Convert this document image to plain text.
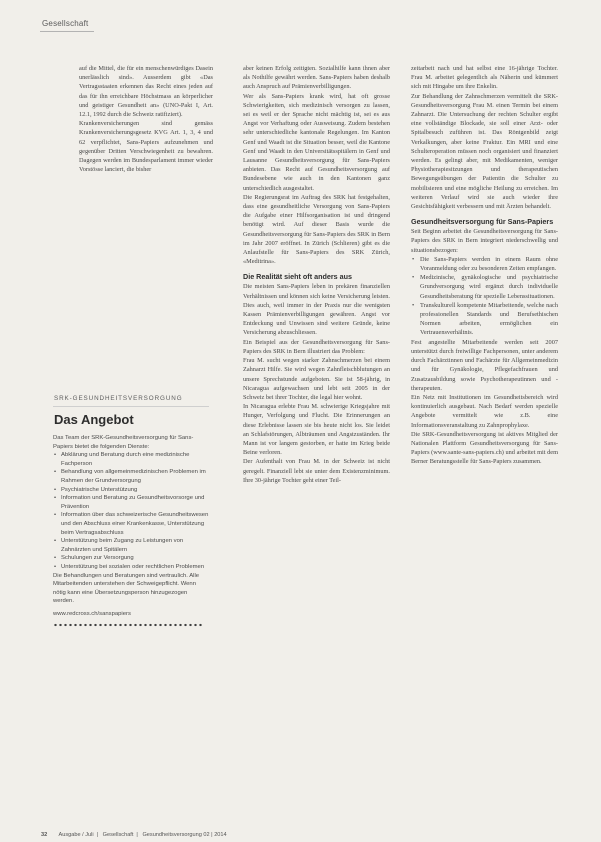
Gesellschaft

auf die Mittel, die für ein menschenwürdiges Dasein unerlässlich sind». Ausserdem gibt «Das Vertragsstaaten erkennen das Recht eines jeden auf das für ihn erreichbare Höchstmass an körperlicher und geistiger Gesundheit an» (UNO-Pakt I, Art. 12.1, 1992 durch die Schweiz ratifiziert).

Krankenversicherungen sind gemäss Krankenversicherungsgesetz KVG Art. 1, 3, 4 und 62 verpflichtet, Sans-Papiers aufzunehmen und gegenüber Dritten Verschwiegenheit zu bewahren. Dagegen werden im Bundesparlament immer wieder Vorstösse lanciert, die bisher

SRK-GESUNDHEITSVERSORGUNG
Das Angebot
Das Team der SRK-Gesundheitsversorgung für Sans-Papiers bietet die folgenden Dienste:
• Abklärung und Beratung durch eine medizinische Fachperson
• Behandlung von allgemeinmedizinischen Problemen im Rahmen der Grundversorgung
• Psychiatrische Unterstützung
• Information und Beratung zu Gesundheitsvorsorge und Prävention
• Information über das schweizerische Gesundheitswesen und den Abschluss einer Krankenkasse, Unterstützung beim Vertragsabschluss
• Unterstützung beim Zugang zu Leistungen von Zahnärzten und Spitälern
• Schulungen zur Versorgung
• Unterstützung bei sozialen oder rechtlichen Problemen
Die Behandlungen und Beratungen sind vertraulich. Alle Mitarbeitenden unterstehen der Schweigepflicht. Wenn nötig kann eine Übersetzungsperson hinzugezogen werden.
www.redcross.ch/sanspapiers

aber keinen Erfolg zeitigten. Sozialhilfe kann ihnen aber als Nothilfe gewährt werden. Sans-Papiers haben deshalb auch Anspruch auf Prämienverbilligungen.

Wer als Sans-Papiers krank wird, hat oft grosse Schwierigkeiten, sich medizinisch versorgen zu lassen, sei es weil er der Sprache nicht mächtig ist, sei es aus Angst vor Verhaftung oder Ausweisung. Zudem bestehen sehr unterschiedliche kantonale Regelungen. Im Kanton Genf und Waadt ist die Situation besser, weil die Kantone Genf und Waadt in den Universitätsspitälern in Genf und Lausanne Gesundheitsversorgung für Sans-Papiers anbieten. Das Recht auf Gesundheitsversorgung auf Bundesebene wie auch in den Kantonen ganz unterschiedlich ausgestaltet.

Die Regierungsrat im Auftrag des SRK hat festgehalten, dass eine gesundheitliche Versorgung von Sans-Papiers die Aufgabe einer Hilfsorganisation ist und dringend benötigt wird. Auf dieser Basis wurde die Gesundheitsversorgung für Sans-Papiers des SRK in Bern im Jahr 2007 eröffnet. In Zürich (Schlieren) gibt es die Anlaufstelle für Sans-Papiers des SRK Zürich, «Meditrina».

Die Realität sieht oft anders aus

Die meisten Sans-Papiers leben in prekären finanziellen Verhältnissen und können sich keine Versicherung leisten. Dies auch, weil immer in der Praxis nur die wenigsten Kassen Prämienverbilligungen gewähren. Angst vor Entdeckung und Unwissen sind weitere Gründe, keine Versicherung abzuschliessen.

Ein Beispiel aus der Gesundheitsversorgung für Sans-Papiers des SRK in Bern illustriert das Problem:

Frau M. sucht wegen starker Zahnschmerzen bei einem Zahnarzt Hilfe. Sie wird wegen Zahnfleischblutungen an unsere Sprechstunde aufgeboten. Sie ist 58-jährig, in Nicaragua aufgewachsen und lebt seit 2005 in der Schweiz bei ihrer Tochter, die legal hier wohnt.

In Nicaragua erlebte Frau M. schwierige Kriegsjahre mit Hunger, Verfolgung und Flucht. Die Erinnerungen an diese Erlebnisse lassen sie bis heute nicht los. Sie leidet an Schlafstörungen, Albträumen und Angstzuständen. Ihr Mann ist vor langem gestorben, er hatte im Krieg beide Beine verloren.

Der Aufenthalt von Frau M. in der Schweiz ist nicht geregelt. Finanziell lebt sie unter dem Existenzminimum. Ihre 30-jährige Tochter geht einer Teil-

zeitarbeit nach und hat selbst eine 16-jährige Tochter. Frau M. arbeitet gelegentlich als Näherin und kümmert sich mit Hingabe um ihre Enkelin.

Zur Behandlung der Zahnschmerzen vermittelt die SRK-Gesundheitsversorgung Frau M. einen Termin bei einem Zahnarzt. Die Untersuchung der rechten Schulter ergibt eine vollständige Blockade, sie soll einer Arzt- oder Spitalbesuch zuführen ist. Das Röntgenbild zeigt Verkalkungen, aber keine Fraktur. Ein MRI und eine Schulteroperation müssen noch organisiert und finanziert werden. Es gelingt aber, mit Medikamenten, weniger Physiotherapiesitzungen und therapeutischen Bewegungsübungen der Patientin die Schulter zu mobilisieren und eine mögliche Heilung zu erreichen. Im weiteren Verlauf wird sie auch wieder ihre Gesichtsfähigkeit verbessern und mit Ärzten behandelt.

Gesundheitsversorgung für Sans-Papiers

Seit Beginn arbeitet die Gesundheitsversorgung für Sans-Papiers des SRK in Bern integriert niederschwellig und situationsbezogen:

• Die Sans-Papiers werden in einem Raum ohne Voranmeldung oder zu besonderen Zeiten empfangen.
• Medizinische, gynäkologische und psychiatrische Grundversorgung wird ergänzt durch individuelle Gesundheitsberatung für spezielle Lebenssituationen.
• Transkulturell kompetente Mitarbeitende, welche nach professionellen Standards und Berufsethischen Normen arbeiten, ermöglichen ein Vertrauensverhältnis.

Fest angestellte Mitarbeitende werden seit 2007 unterstützt durch freiwillige Fachpersonen, unter anderem durch Fachärztinnen und Fachärzte für Allgemeinmedizin und für Gynäkologie, Pflegefachfrauen und Zusatzausbildung sowie Psychotherapeutinnen und -therapeuten.

Ein Netz mit Institutionen im Gesundheitsbereich wird kontinuierlich ausgebaut. Nach Bedarf werden spezielle Angebote vermittelt wie z.B. eine Informationsveranstaltung zu Zahnprophylaxe.

Die SRK-Gesundheitsversorgung ist aktives Mitglied der Nationalen Plattform Gesundheitsversorgung für Sans-Papiers (www.sante-sans-papiers.ch) und arbeitet mit dem Berner Beratungsstelle für Sans-Papiers zusammen.

32 Ausgabe / Juli | Gesellschaft | Gesundheitsversorgung 02 | 2014
